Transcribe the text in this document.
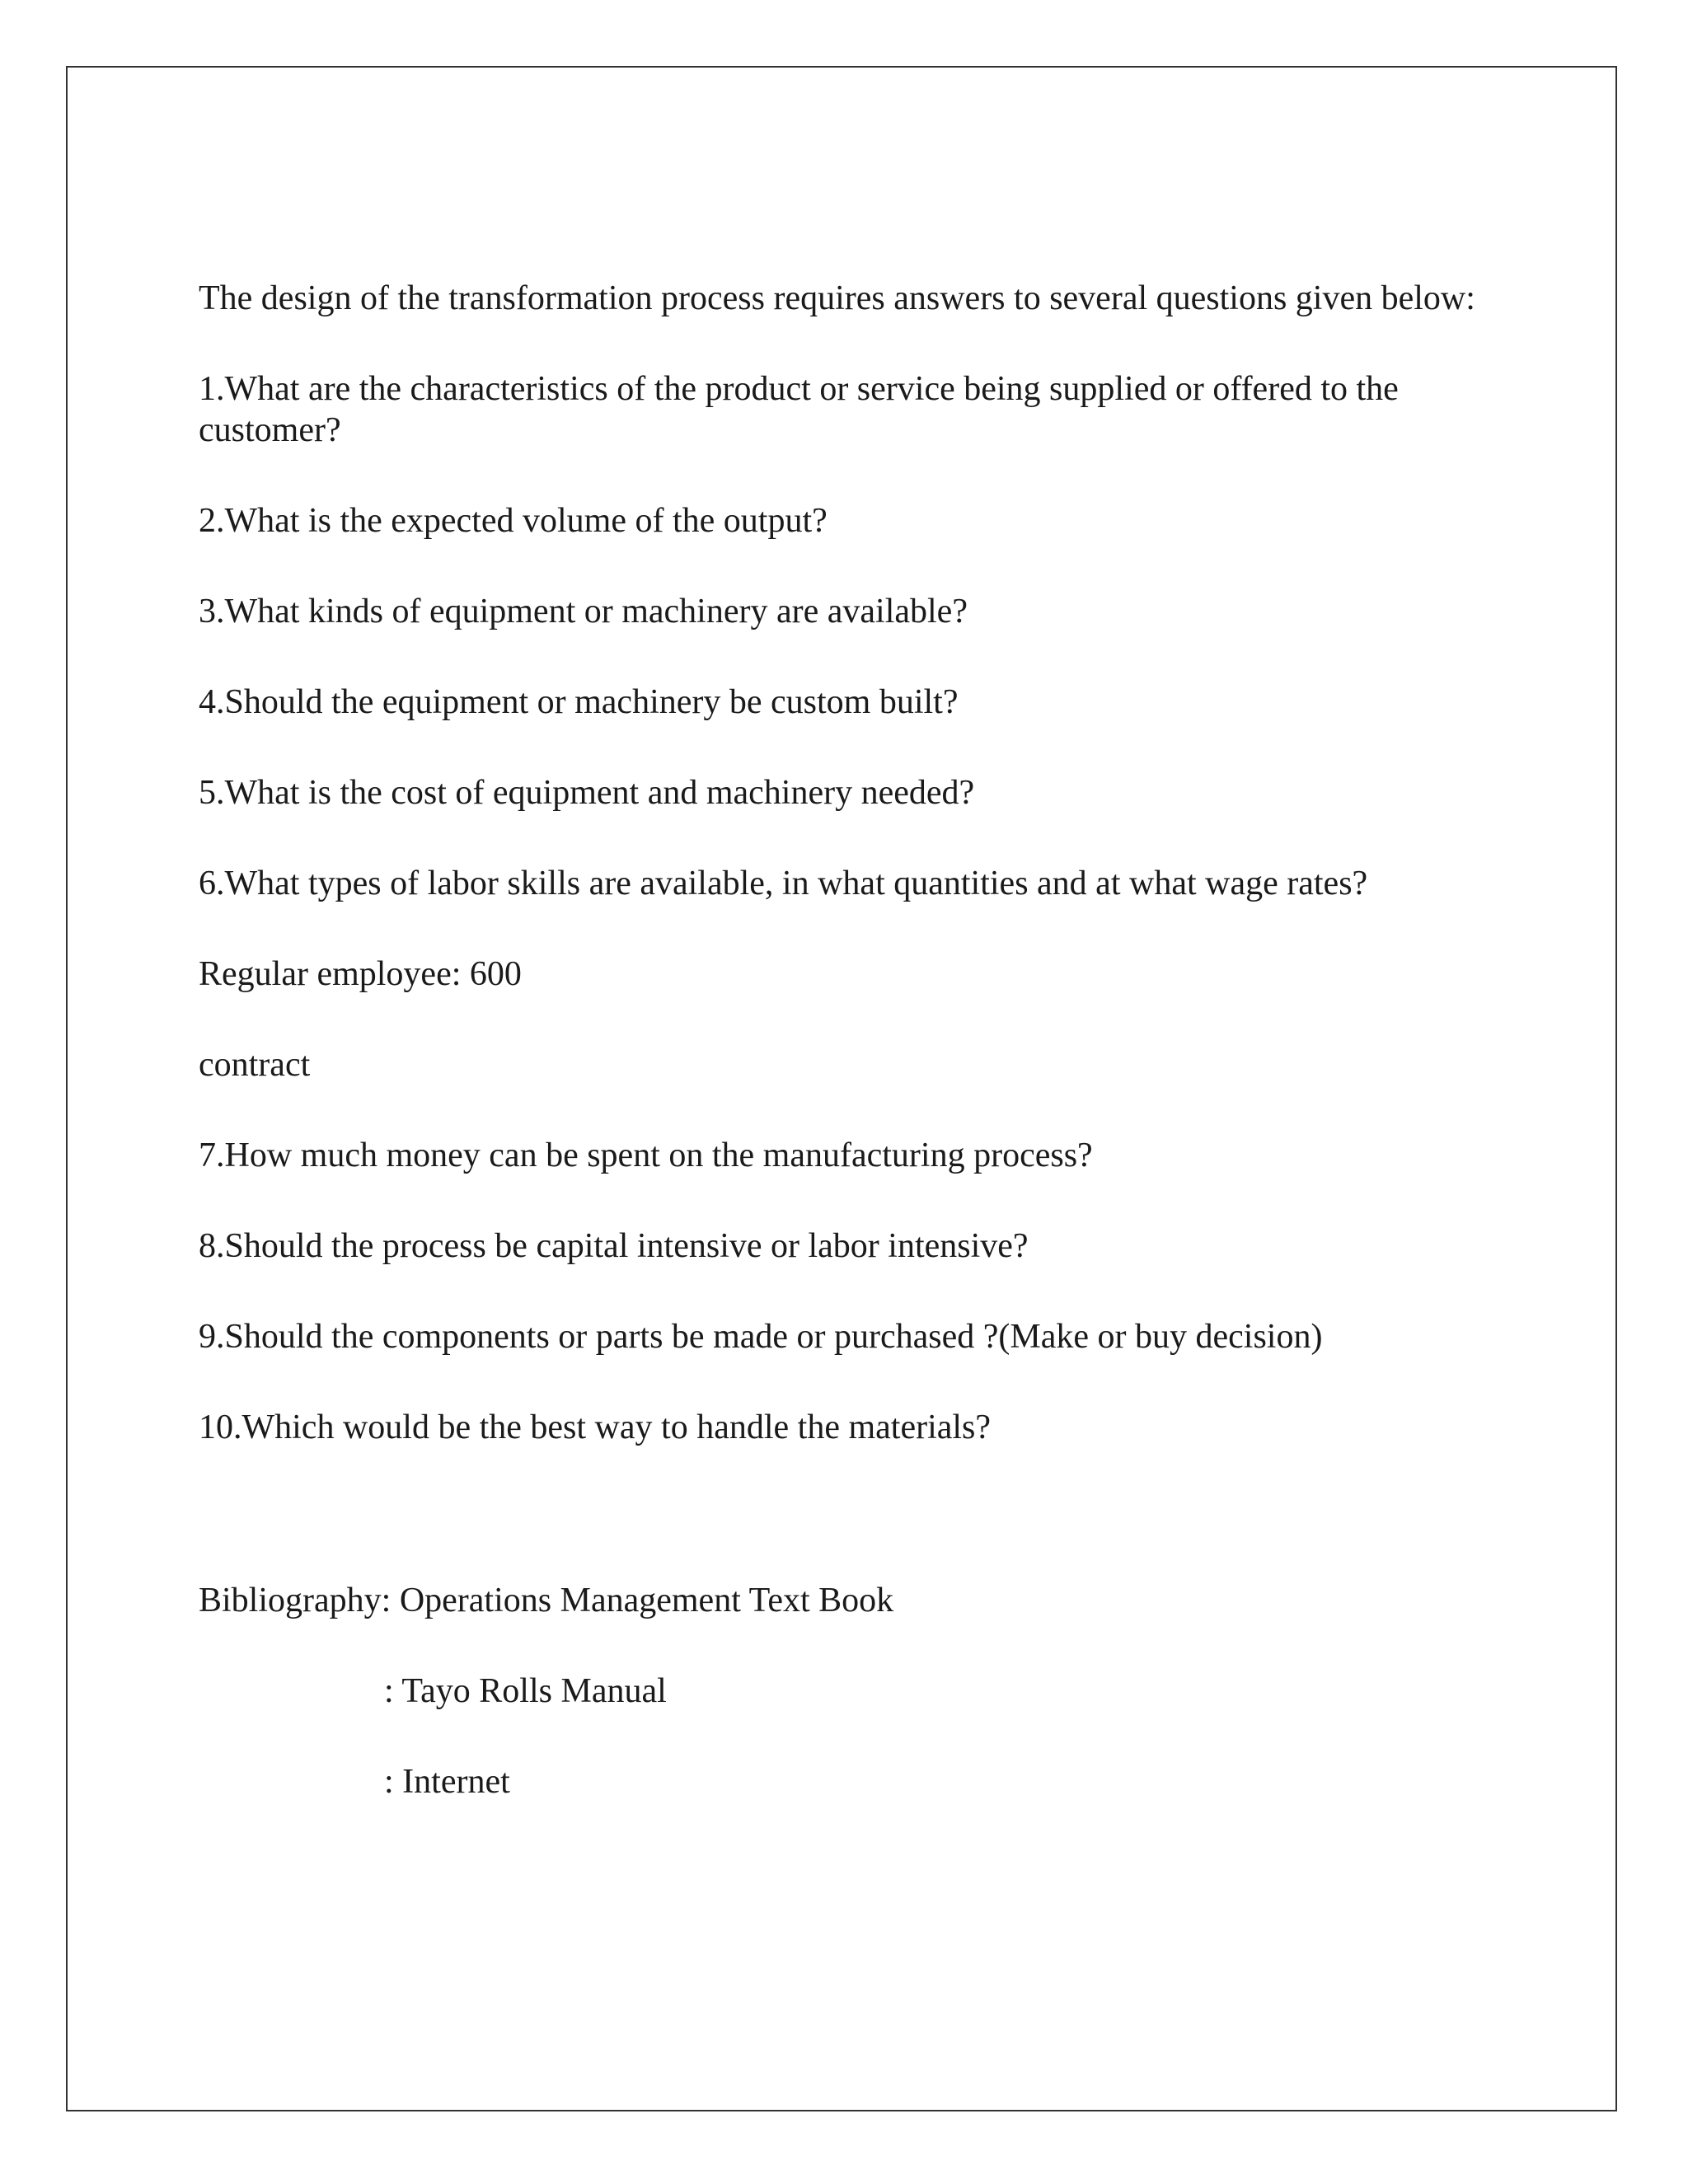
The design of the transformation process requires answers to several questions given below:

1.What are the characteristics of the product or service being supplied or offered to the customer?

2.What is the expected volume of the output?

3.What kinds of equipment or machinery are available?

4.Should the equipment or machinery be custom built?

5.What is the cost of equipment and machinery needed?

6.What types of labor skills are available, in what quantities and at what wage rates?

Regular employee: 600

contract

7.How much money can be spent on the manufacturing process?

8.Should the process be capital intensive or labor intensive?

9.Should the components or parts be made or purchased ?(Make or buy decision)

10.Which would be the best way to handle the materials?

Bibliography: Operations Management Text Book
: Tayo Rolls Manual
: Internet
